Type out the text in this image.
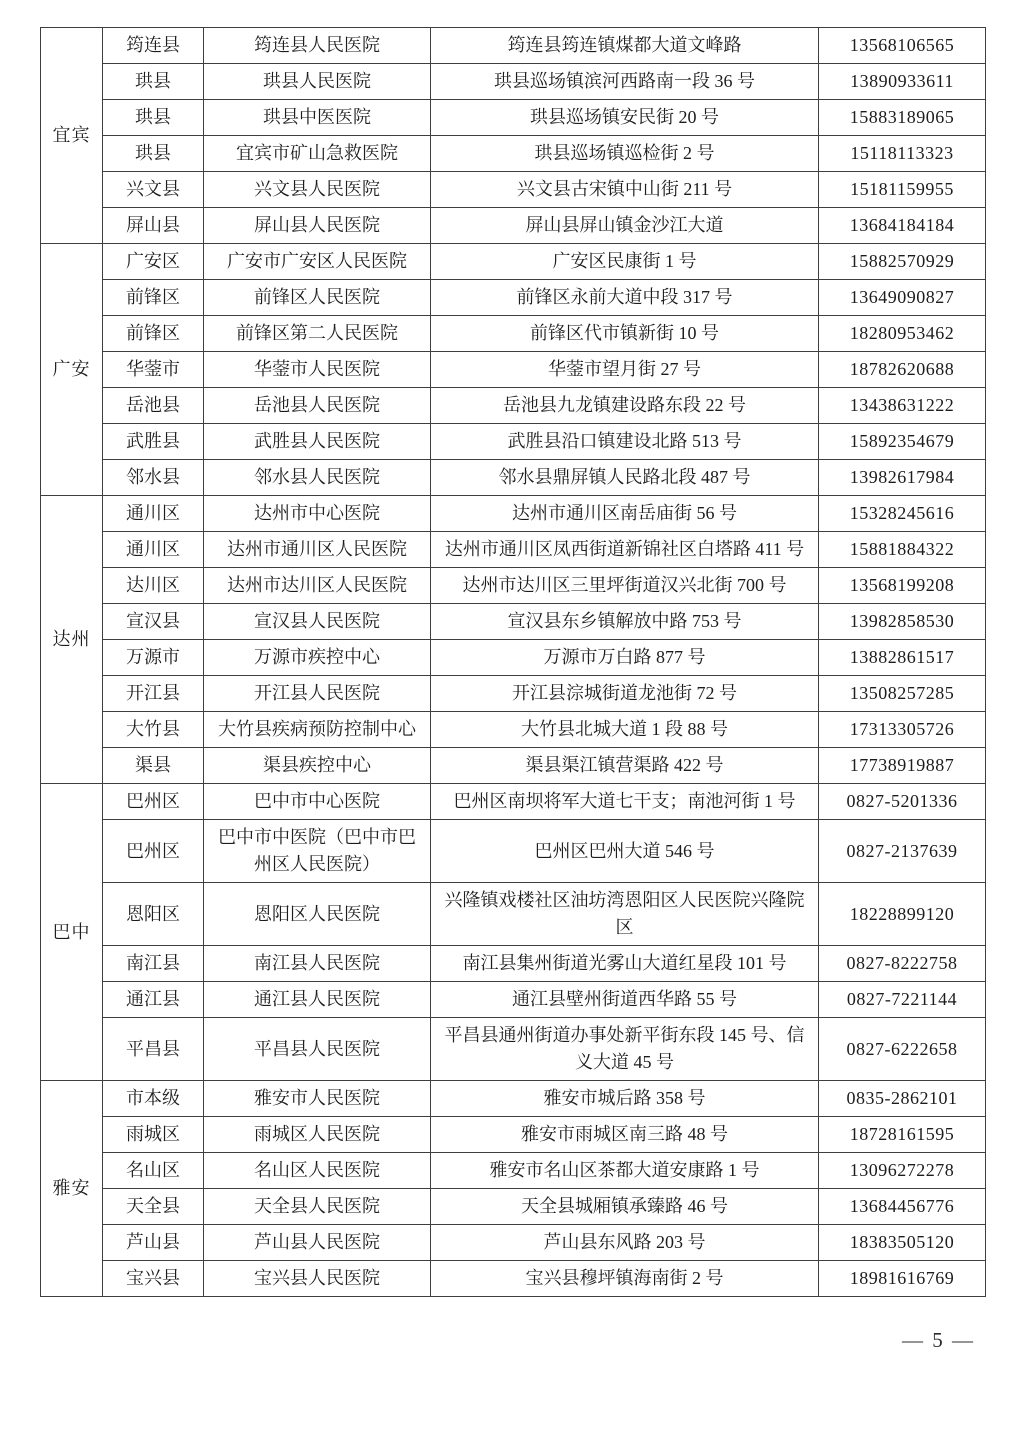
宜宾	筠连县	筠连县人民医院	筠连县筠连镇煤都大道文峰路	13568106565
	珙县	珙县人民医院	珙县巡场镇滨河西路南一段 36 号	13890933611
	珙县	珙县中医医院	珙县巡场镇安民街 20 号	15883189065
	珙县	宜宾市矿山急救医院	珙县巡场镇巡检街 2 号	15118113323
	兴文县	兴文县人民医院	兴文县古宋镇中山街 211 号	15181159955
	屏山县	屏山县人民医院	屏山县屏山镇金沙江大道	13684184184
广安	广安区	广安市广安区人民医院	广安区民康街 1 号	15882570929
	前锋区	前锋区人民医院	前锋区永前大道中段 317 号	13649090827
	前锋区	前锋区第二人民医院	前锋区代市镇新街 10 号	18280953462
	华蓥市	华蓥市人民医院	华蓥市望月街 27 号	18782620688
	岳池县	岳池县人民医院	岳池县九龙镇建设路东段 22 号	13438631222
	武胜县	武胜县人民医院	武胜县沿口镇建设北路 513 号	15892354679
	邻水县	邻水县人民医院	邻水县鼎屏镇人民路北段 487 号	13982617984
达州	通川区	达州市中心医院	达州市通川区南岳庙街 56 号	15328245616
	通川区	达州市通川区人民医院	达州市通川区凤西街道新锦社区白塔路 411 号	15881884322
	达川区	达州市达川区人民医院	达州市达川区三里坪街道汉兴北街 700 号	13568199208
	宣汉县	宣汉县人民医院	宣汉县东乡镇解放中路 753 号	13982858530
	万源市	万源市疾控中心	万源市万白路 877 号	13882861517
	开江县	开江县人民医院	开江县淙城街道龙池街 72 号	13508257285
	大竹县	大竹县疾病预防控制中心	大竹县北城大道 1 段 88 号	17313305726
	渠县	渠县疾控中心	渠县渠江镇营渠路 422 号	17738919887
巴中	巴州区	巴中市中心医院	巴州区南坝将军大道七干支；南池河街 1 号	0827-5201336
	巴州区	巴中市中医院（巴中市巴州区人民医院）	巴州区巴州大道 546 号	0827-2137639
	恩阳区	恩阳区人民医院	兴隆镇戏楼社区油坊湾恩阳区人民医院兴隆院区	18228899120
	南江县	南江县人民医院	南江县集州街道光雾山大道红星段 101 号	0827-8222758
	通江县	通江县人民医院	通江县壁州街道西华路 55 号	0827-7221144
	平昌县	平昌县人民医院	平昌县通州街道办事处新平街东段 145 号、信义大道 45 号	0827-6222658
雅安	市本级	雅安市人民医院	雅安市城后路 358 号	0835-2862101
	雨城区	雨城区人民医院	雅安市雨城区南三路 48 号	18728161595
	名山区	名山区人民医院	雅安市名山区茶都大道安康路 1 号	13096272278
	天全县	天全县人民医院	天全县城厢镇承臻路 46 号	13684456776
	芦山县	芦山县人民医院	芦山县东风路 203 号	18383505120
	宝兴县	宝兴县人民医院	宝兴县穆坪镇海南街 2 号	18981616769
— 5 —
